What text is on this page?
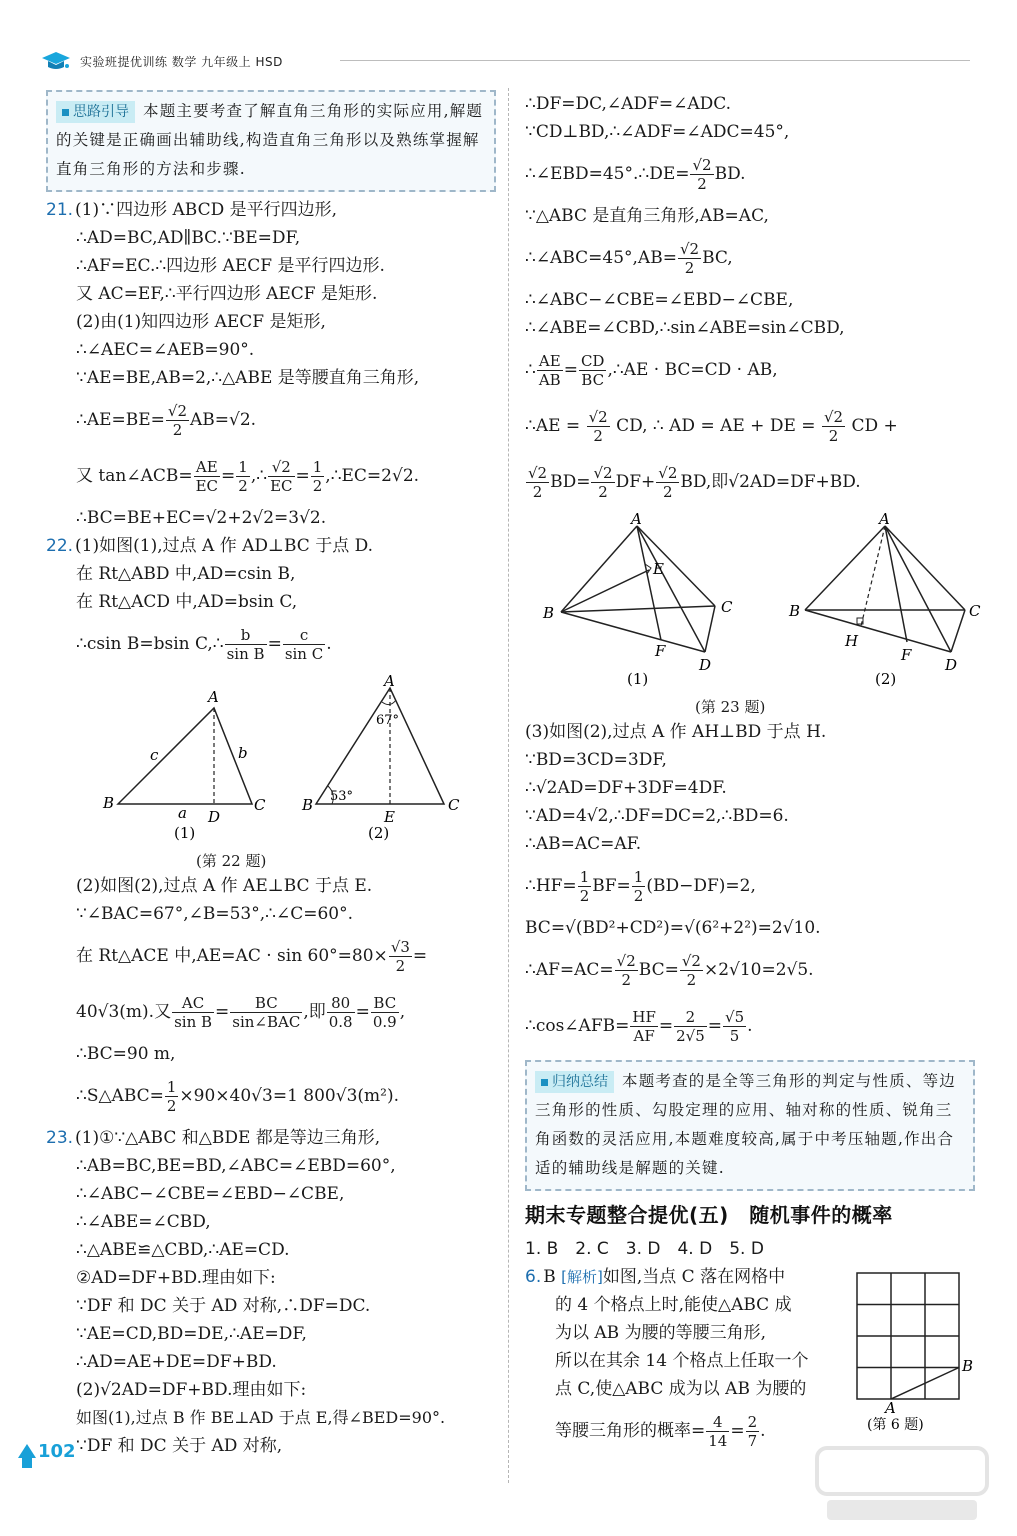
实验班提优训练 数学 九年级上 HSD
思路引导 本题主要考查了解直角三角形的实际应用,解题的关键是正确画出辅助线,构造直角三角形以及熟练掌握解直角三角形的方法和步骤.
21. (1)∵四边形 ABCD 是平行四边形,
∴AD=BC,AD∥BC.∵BE=DF,
∴AF=EC.∴四边形 AECF 是平行四边形.
又 AC=EF,∴平行四边形 AECF 是矩形.
(2)由(1)知四边形 AECF 是矩形,
∴∠AEC=∠AEB=90°.
∵AE=BE,AB=2,∴△ABE 是等腰直角三角形,
∴AE=BE= $\frac{√2}{2} AB=√2$.
又 tan∠ACB= $\frac{AE}{EC} = \frac{1}{2}$ ,∴ $\frac{√2}{EC} = \frac{1}{2}$ ,∴EC=2√2.
∴BC=BE+EC=√2+2√2=3√2.
22. (1)如图(1),过点 A 作 AD⊥BC 于点 D.
在 Rt△ABD 中,AD=csin B,
在 Rt△ACD 中,AD=bsin C,
∴csin B=bsin C,∴ $\frac{b}{\text{sin B}} = \frac{c}{\text{sin C}}$ .
B
A
C
D
a
b
c
(1)
A
B	C
E
67°
53°
(2)
(第 22 题)
(2)如图(2),过点 A 作 AE⊥BC 于点 E.
∵∠BAC=67°,∠B=53°,∴∠C=60°.
在 Rt△ACE 中$,AE=AC \cdot \sin 60^\circ=80\times \frac{√3}{2}$ =
40√3(m).又 $\frac{AC}{\text{sin B}} = \frac{BC}{\text{sin∠BAC}}$ ,即 $\frac{80}{0.8} = \frac{BC}{0.9}$ ,
∴BC=90 m,
∴S△ABC= $\frac{1}{2} \times 90\times 40√3=1$ 800√3(m²).
23. (1)①∵△ABC 和△BDE 都是等边三角形,
∴AB=BC,BE=BD,∠ABC=∠EBD=60°,
∴∠ABC−∠CBE=∠EBD−∠CBE,
∴∠ABE=∠CBD,
∴△ABE≌△CBD,∴AE=CD.
②AD=DF+BD.理由如下:
∵DF 和 DC 关于 AD 对称,∴DF=DC.
∵AE=CD,BD=DE,∴AE=DF,
∴AD=AE+DE=DF+BD.
(2)√2AD=DF+BD.理由如下:
如图(1),过点 B 作 BE⊥AD 于点 E,得∠BED=90°.
∵DF 和 DC 关于 AD 对称,
∴DF=DC,∠ADF=∠ADC.
∵CD⊥BD,∴∠ADF=∠ADC=45°,
∴∠EBD=45°.∴DE= $\frac{√2}{2}$ BD.
∵△ABC 是直角三角形,AB=AC,
∴∠ABC=45°,AB= $\frac{√2}{2}$ BC,
∴∠ABC−∠CBE=∠EBD−∠CBE,
∴∠ABE=∠CBD,∴sin∠ABE=sin∠CBD,
∴ $\frac{AE}{AB} = \frac{CD}{BC}$ ,∴AE · BC=CD · AB,
∴AE = $\frac{√2}{2}$ CD, ∴ AD = AE + DE = $\frac{√2}{2}$ CD +
$\frac{√2}{2} BD= \frac{√2}{2} DF+ \frac{√2}{2}$ BD,即√2AD=DF+BD.
A
B	C
D
E
F
(1)
A
B	C
D
F
H
(2)
(第 23 题)
(3)如图(2),过点 A 作 AH⊥BD 于点 H.
∵BD=3CD=3DF,
∴√2AD=DF+3DF=4DF.
∵AD=4√2,∴DF=DC=2,∴BD=6.
∴AB=AC=AF.
∴HF= $\frac{1}{2} BF= \frac{1}{2} (BD-DF)=2$,
BC=√(BD²+CD²)=√(6²+2²)=2√10.
∴AF=AC= $\frac{√2}{2} BC= \frac{√2}{2} \times 2√10=2√5$.
∴cos∠AFB= $\frac{HF}{AF} = \frac{2}{2√5} = \frac{√5}{5}$ .
归纳总结 本题考查的是全等三角形的判定与性质、等边三角形的性质、勾股定理的应用、轴对称的性质、锐角三角函数的灵活应用,本题难度较高,属于中考压轴题,作出合适的辅助线是解题的关键.
期末专题整合提优(五)　随机事件的概率
1. B　2. C　3. D　4. D　5. D
6. B [解析]如图,当点 C 落在网格中
的 4 个格点上时,能使△ABC 成
为以 AB 为腰的等腰三角形,
所以在其余 14 个格点上任取一个
点 C,使△ABC 成为以 AB 为腰的
等腰三角形的概率= $\frac{4}{14} = \frac{2}{7}$ .
B
A
(第 6 题)
102
